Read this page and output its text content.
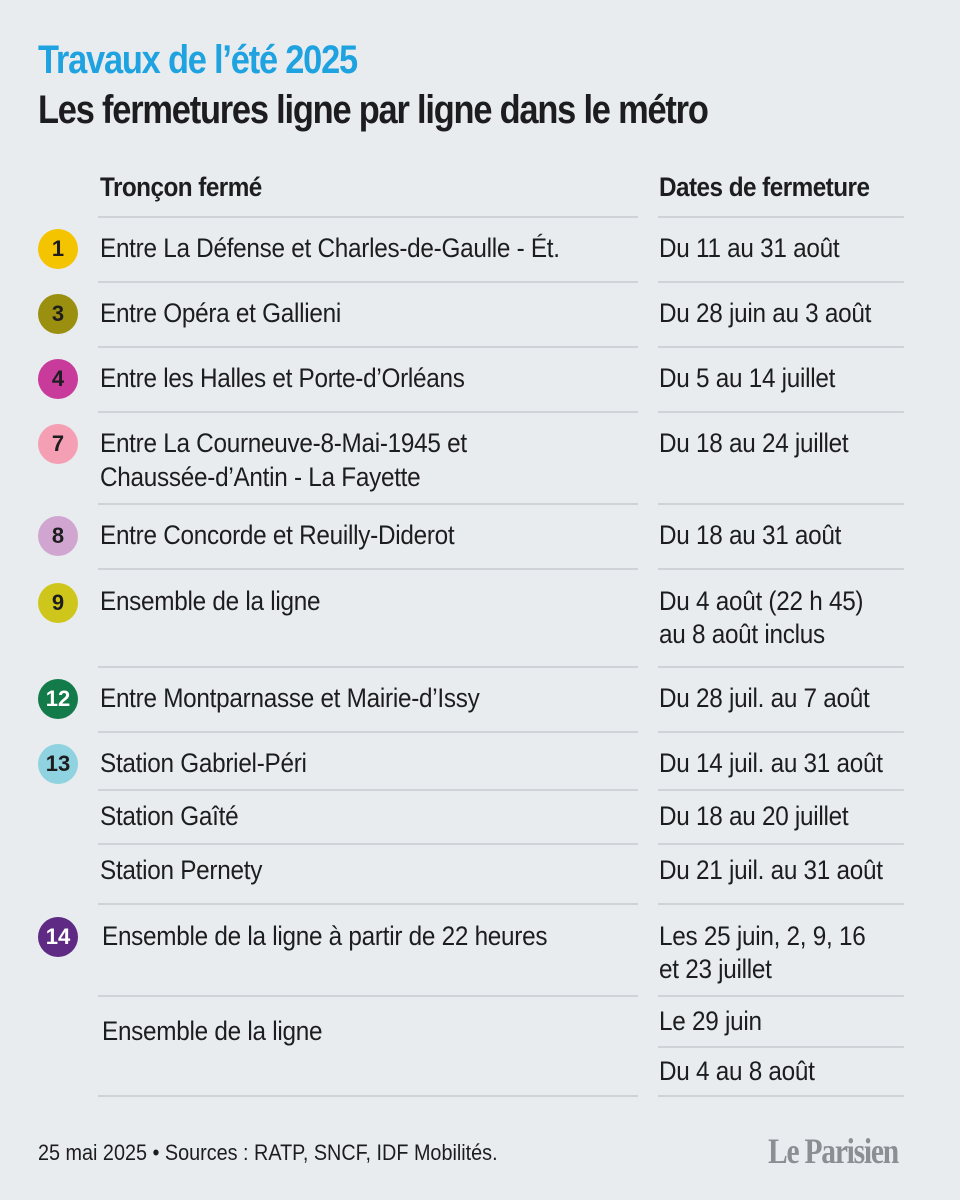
Travaux de l’été 2025
Les fermetures ligne par ligne dans le métro
Tronçon fermé	Dates de fermeture
1
3
4
7
8
9
12
13
14
Entre La Défense et Charles-de-Gaulle - Ét.
Entre Opéra et Gallieni
Entre les Halles et Porte-d’Orléans
Entre La Courneuve-8-Mai-1945 et
Chaussée-d’Antin - La Fayette
Entre Concorde et Reuilly-Diderot
Ensemble de la ligne
Entre Montparnasse et Mairie-d’Issy
Station Gabriel-Péri
Station Gaîté
Station Pernety
Ensemble de la ligne à partir de 22 heures
Ensemble de la ligne
Du 11 au 31 août
Du 28 juin au 3 août
Du 5 au 14 juillet
Du 18 au 24 juillet
Du 18 au 31 août
Du 4 août (22 h 45)
au 8 août inclus
Du 28 juil. au 7 août
Du 14 juil. au 31 août
Du 18 au 20 juillet
Du 21 juil. au 31 août
Les 25 juin, 2, 9, 16
et 23 juillet
Le 29 juin
Du 4 au 8 août
25 mai 2025 • Sources : RATP, SNCF, IDF Mobilités.	Le Parisien
